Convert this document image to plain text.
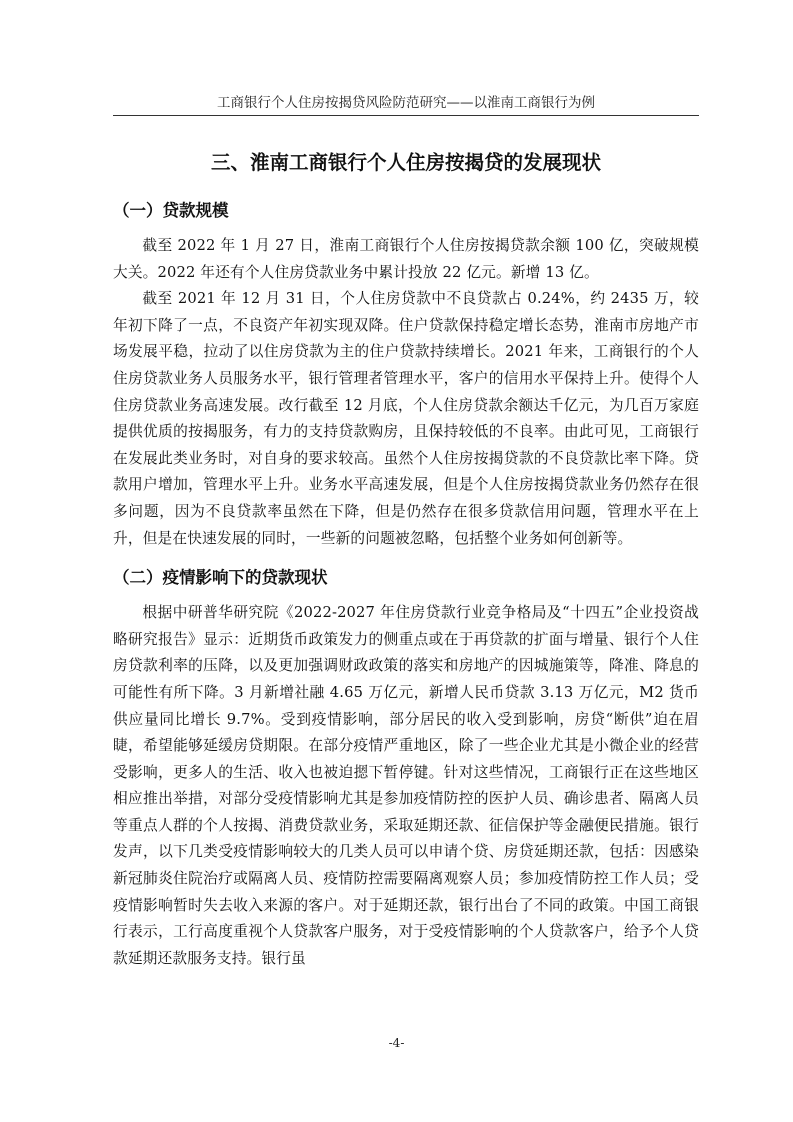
工商银行个人住房按揭贷风险防范研究——以淮南工商银行为例
三、淮南工商银行个人住房按揭贷的发展现状
（一）贷款规模

截至 2022 年 1 月 27 日，淮南工商银行个人住房按揭贷款余额 100 亿，突破规模大关。2022 年还有个人住房贷款业务中累计投放 22 亿元。新增 13 亿。

截至 2021 年 12 月 31 日，个人住房贷款中不良贷款占 0.24%，约 2435 万，较年初下降了一点，不良资产年初实现双降。住户贷款保持稳定增长态势，淮南市房地产市场发展平稳，拉动了以住房贷款为主的住户贷款持续增长。2021 年来，工商银行的个人住房贷款业务人员服务水平，银行管理者管理水平，客户的信用水平保持上升。使得个人住房贷款业务高速发展。改行截至 12 月底，个人住房贷款余额达千亿元，为几百万家庭提供优质的按揭服务，有力的支持贷款购房，且保持较低的不良率。由此可见，工商银行在发展此类业务时，对自身的要求较高。虽然个人住房按揭贷款的不良贷款比率下降。贷款用户增加，管理水平上升。业务水平高速发展，但是个人住房按揭贷款业务仍然存在很多问题，因为不良贷款率虽然在下降，但是仍然存在很多贷款信用问题，管理水平在上升，但是在快速发展的同时，一些新的问题被忽略，包括整个业务如何创新等。

（二）疫情影响下的贷款现状

根据中研普华研究院《2022-2027 年住房贷款行业竞争格局及“十四五”企业投资战略研究报告》显示：近期货币政策发力的侧重点或在于再贷款的扩面与增量、银行个人住房贷款利率的压降，以及更加强调财政政策的落实和房地产的因城施策等，降准、降息的可能性有所下降。3 月新增社融 4.65 万亿元，新增人民币贷款 3.13 万亿元，M2 货币供应量同比增长 9.7%。受到疫情影响，部分居民的收入受到影响，房贷“断供”迫在眉睫，希望能够延缓房贷期限。在部分疫情严重地区，除了一些企业尤其是小微企业的经营受影响，更多人的生活、收入也被迫摁下暂停键。针对这些情况，工商银行正在这些地区相应推出举措，对部分受疫情影响尤其是参加疫情防控的医护人员、确诊患者、隔离人员等重点人群的个人按揭、消费贷款业务，采取延期还款、征信保护等金融便民措施。银行发声，以下几类受疫情影响较大的几类人员可以申请个贷、房贷延期还款，包括：因感染新冠肺炎住院治疗或隔离人员、疫情防控需要隔离观察人员；参加疫情防控工作人员；受疫情影响暂时失去收入来源的客户。对于延期还款，银行出台了不同的政策。中国工商银行表示，工行高度重视个人贷款客户服务，对于受疫情影响的个人贷款客户，给予个人贷款延期还款服务支持。银行虽

-4-
